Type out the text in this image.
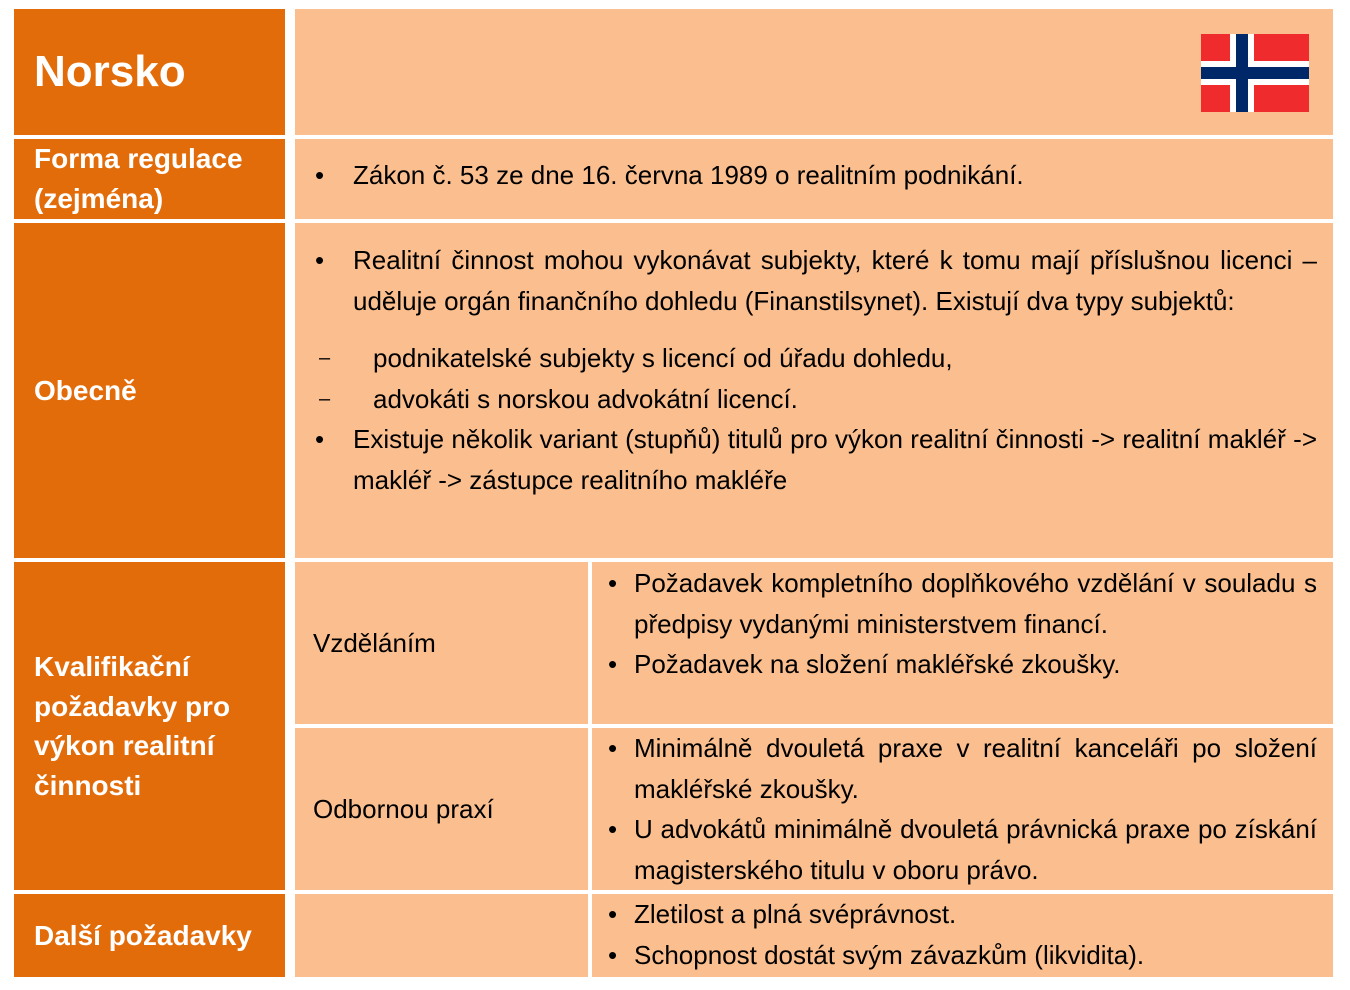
Norsko
Forma regulace
(zejména)
• Zákon č. 53 ze dne 16. června 1989 o realitním podnikání.
Obecně
• Realitní činnost mohou vykonávat subjekty, které k tomu mají příslušnou licenci – uděluje orgán finančního dohledu (Finanstilsynet). Existují dva typy subjektů:
– podnikatelské subjekty s licencí od úřadu dohledu,
– advokáti s norskou advokátní licencí.
• Existuje několik variant (stupňů) titulů pro výkon realitní činnosti -> realitní makléř -> makléř -> zástupce realitního makléře
Kvalifikační
požadavky pro
výkon realitní
činnosti
Vzděláním
• Požadavek kompletního doplňkového vzdělání v souladu s předpisy vydanými ministerstvem financí.
• Požadavek na složení makléřské zkoušky.
Odbornou praxí
• Minimálně dvouletá praxe v realitní kanceláři po složení makléřské zkoušky.
• U advokátů minimálně dvouletá právnická praxe po získání magisterského titulu v oboru právo.
Další požadavky
• Zletilost a plná svéprávnost.
• Schopnost dostát svým závazkům (likvidita).
